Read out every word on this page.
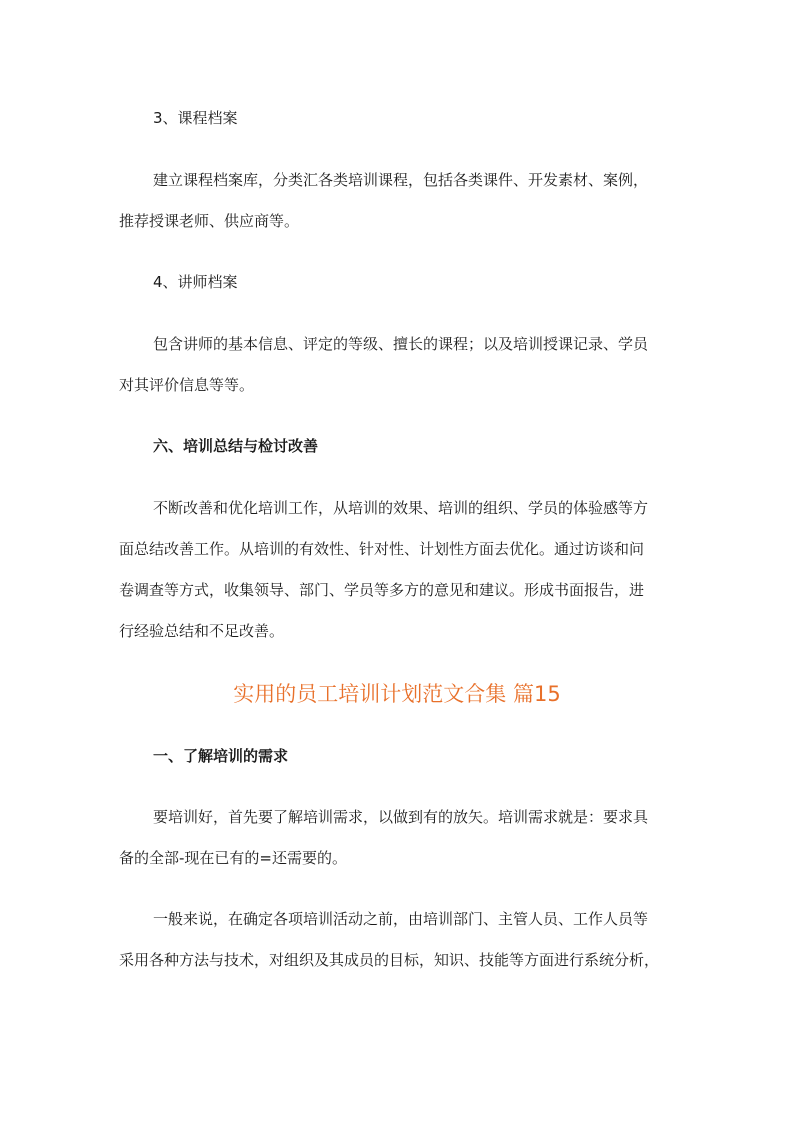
3、课程档案
建立课程档案库，分类汇各类培训课程，包括各类课件、开发素材、案例，
推荐授课老师、供应商等。
4、讲师档案
包含讲师的基本信息、评定的等级、擅长的课程；以及培训授课记录、学员
对其评价信息等等。
六、培训总结与检讨改善
不断改善和优化培训工作，从培训的效果、培训的组织、学员的体验感等方
面总结改善工作。从培训的有效性、针对性、计划性方面去优化。通过访谈和问
卷调查等方式，收集领导、部门、学员等多方的意见和建议。形成书面报告，进
行经验总结和不足改善。
实用的员工培训计划范文合集 篇15
一、了解培训的需求
要培训好，首先要了解培训需求，以做到有的放矢。培训需求就是：要求具
备的全部-现在已有的=还需要的。
一般来说，在确定各项培训活动之前，由培训部门、主管人员、工作人员等
采用各种方法与技术，对组织及其成员的目标，知识、技能等方面进行系统分析，
